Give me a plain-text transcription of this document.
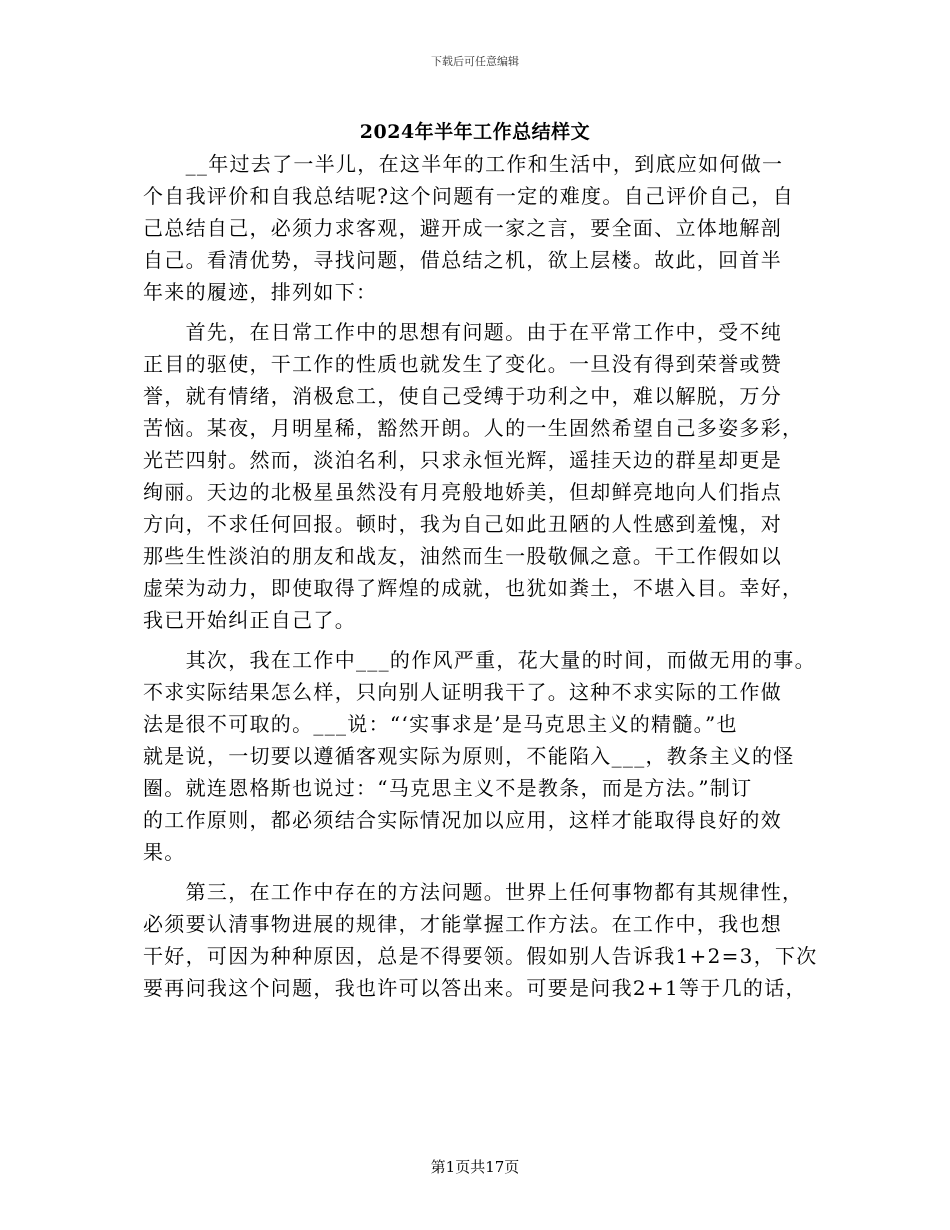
下载后可任意编辑
2024年半年工作总结样文
　　__年过去了一半儿，在这半年的工作和生活中，到底应如何做一
个自我评价和自我总结呢?这个问题有一定的难度。自己评价自己，自
己总结自己，必须力求客观，避开成一家之言，要全面、立体地解剖
自己。看清优势，寻找问题，借总结之机，欲上层楼。故此，回首半
年来的履迹，排列如下：
　　首先，在日常工作中的思想有问题。由于在平常工作中，受不纯
正目的驱使，干工作的性质也就发生了变化。一旦没有得到荣誉或赞
誉，就有情绪，消极怠工，使自己受缚于功利之中，难以解脱，万分
苦恼。某夜，月明星稀，豁然开朗。人的一生固然希望自己多姿多彩，
光芒四射。然而，淡泊名利，只求永恒光辉，遥挂天边的群星却更是
绚丽。天边的北极星虽然没有月亮般地娇美，但却鲜亮地向人们指点
方向，不求任何回报。顿时，我为自己如此丑陋的人性感到羞愧，对
那些生性淡泊的朋友和战友，油然而生一股敬佩之意。干工作假如以
虚荣为动力，即使取得了辉煌的成就，也犹如粪土，不堪入目。幸好，
我已开始纠正自己了。
　　其次，我在工作中___的作风严重，花大量的时间，而做无用的事。
不求实际结果怎么样，只向别人证明我干了。这种不求实际的工作做
法是很不可取的。___说：“‘实事求是’是马克思主义的精髓。”也
就是说，一切要以遵循客观实际为原则，不能陷入___，教条主义的怪
圈。就连恩格斯也说过：“马克思主义不是教条，而是方法。”制订
的工作原则，都必须结合实际情况加以应用，这样才能取得良好的效
果。
　　第三，在工作中存在的方法问题。世界上任何事物都有其规律性，
必须要认清事物进展的规律，才能掌握工作方法。在工作中，我也想
干好，可因为种种原因，总是不得要领。假如别人告诉我1+2=3，下次
要再问我这个问题，我也许可以答出来。可要是问我2+1等于几的话，
第1页共17页
